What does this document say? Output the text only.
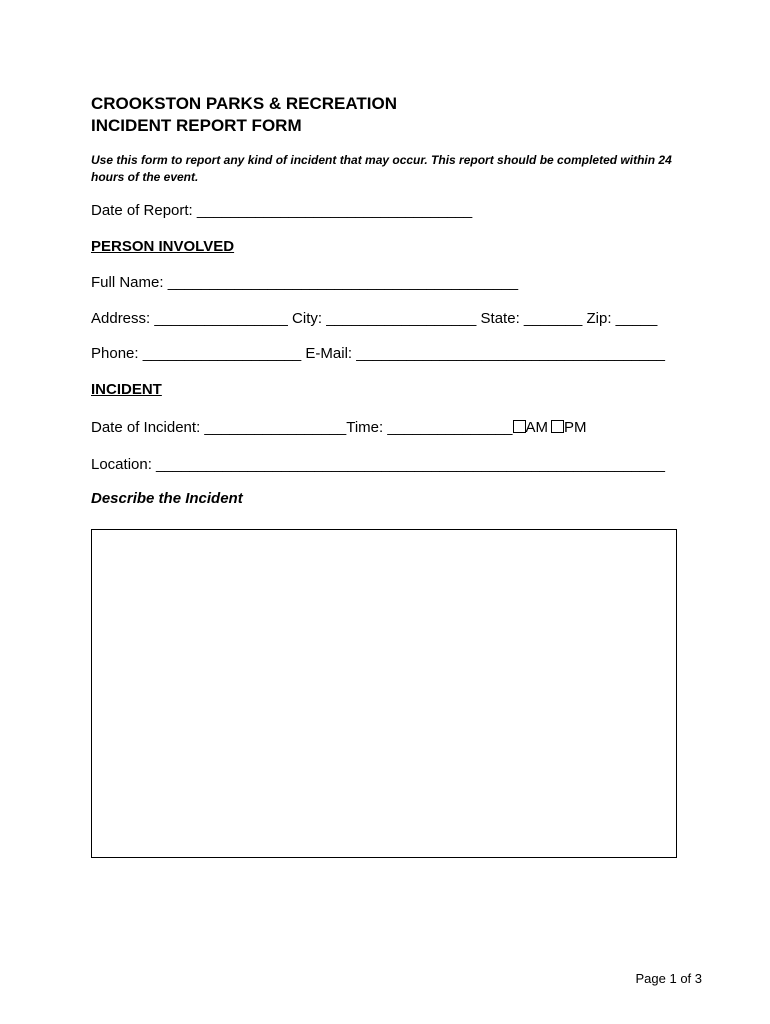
CROOKSTON PARKS & RECREATION
INCIDENT REPORT FORM
Use this form to report any kind of incident that may occur. This report should be completed within 24 hours of the event.
Date of Report: _________________________________
PERSON INVOLVED
Full Name: __________________________________________
Address: ________________ City: __________________ State: _______ Zip: _____
Phone: ___________________ E-Mail: _____________________________________
INCIDENT
Date of Incident: _________________Time: _______________ AM PM
Location: _____________________________________________________________
Describe the Incident
Page 1 of 3
